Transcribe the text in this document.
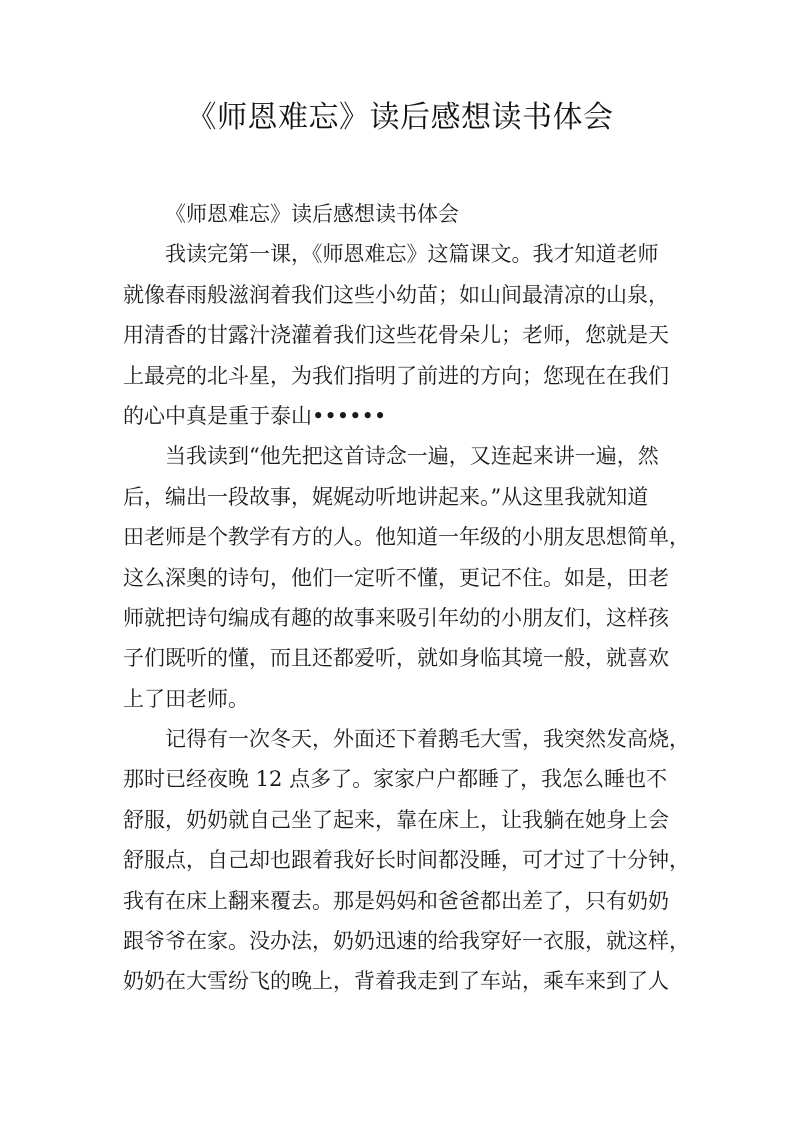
《师恩难忘》读后感想读书体会
《师恩难忘》读后感想读书体会
我读完第一课，《师恩难忘》这篇课文。我才知道老师
就像春雨般滋润着我们这些小幼苗；如山间最清凉的山泉，
用清香的甘露汁浇灌着我们这些花骨朵儿；老师，您就是天
上最亮的北斗星，为我们指明了前进的方向；您现在在我们
的心中真是重于泰山••••••
当我读到“他先把这首诗念一遍，又连起来讲一遍，然
后，编出一段故事，娓娓动听地讲起来。”从这里我就知道
田老师是个教学有方的人。他知道一年级的小朋友思想简单，
这么深奥的诗句，他们一定听不懂，更记不住。如是，田老
师就把诗句编成有趣的故事来吸引年幼的小朋友们，这样孩
子们既听的懂，而且还都爱听，就如身临其境一般，就喜欢
上了田老师。
记得有一次冬天，外面还下着鹅毛大雪，我突然发高烧，
那时已经夜晚 12 点多了。家家户户都睡了，我怎么睡也不
舒服，奶奶就自己坐了起来，靠在床上，让我躺在她身上会
舒服点，自己却也跟着我好长时间都没睡，可才过了十分钟，
我有在床上翻来覆去。那是妈妈和爸爸都出差了，只有奶奶
跟爷爷在家。没办法，奶奶迅速的给我穿好一衣服，就这样，
奶奶在大雪纷飞的晚上，背着我走到了车站，乘车来到了人
